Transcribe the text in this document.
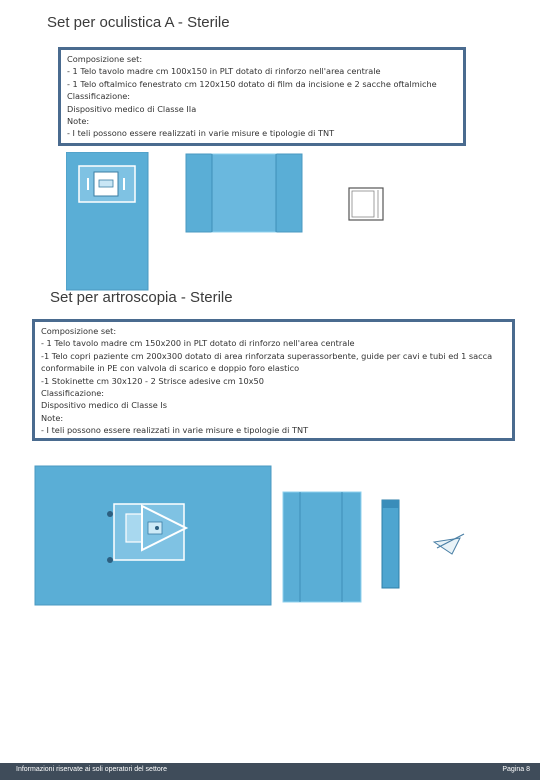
Set per oculistica A - Sterile
Composizione set:
- 1 Telo tavolo madre cm 100x150 in PLT dotato di rinforzo nell'area centrale
- 1 Telo oftalmico fenestrato cm 120x150 dotato di film da incisione e 2 sacche oftalmiche
Classificazione:
Dispositivo medico di Classe IIa
Note:
- I teli possono essere realizzati in varie misure e tipologie di TNT
Set per artroscopia - Sterile
Composizione set:
- 1 Telo tavolo madre cm 150x200 in PLT dotato di rinforzo nell'area centrale
-1 Telo copri paziente cm 200x300 dotato di area rinforzata superassorbente, guide per cavi e tubi ed 1 sacca conformabile in PE con valvola di scarico e doppio foro elastico
-1 Stokinette cm 30x120 - 2 Strisce adesive cm 10x50
Classificazione:
Dispositivo medico di Classe Is
Note:
- I teli possono essere realizzati in varie misure e tipologie di TNT
Informazioni riservate ai soli operatori del settore	Pagina 8
